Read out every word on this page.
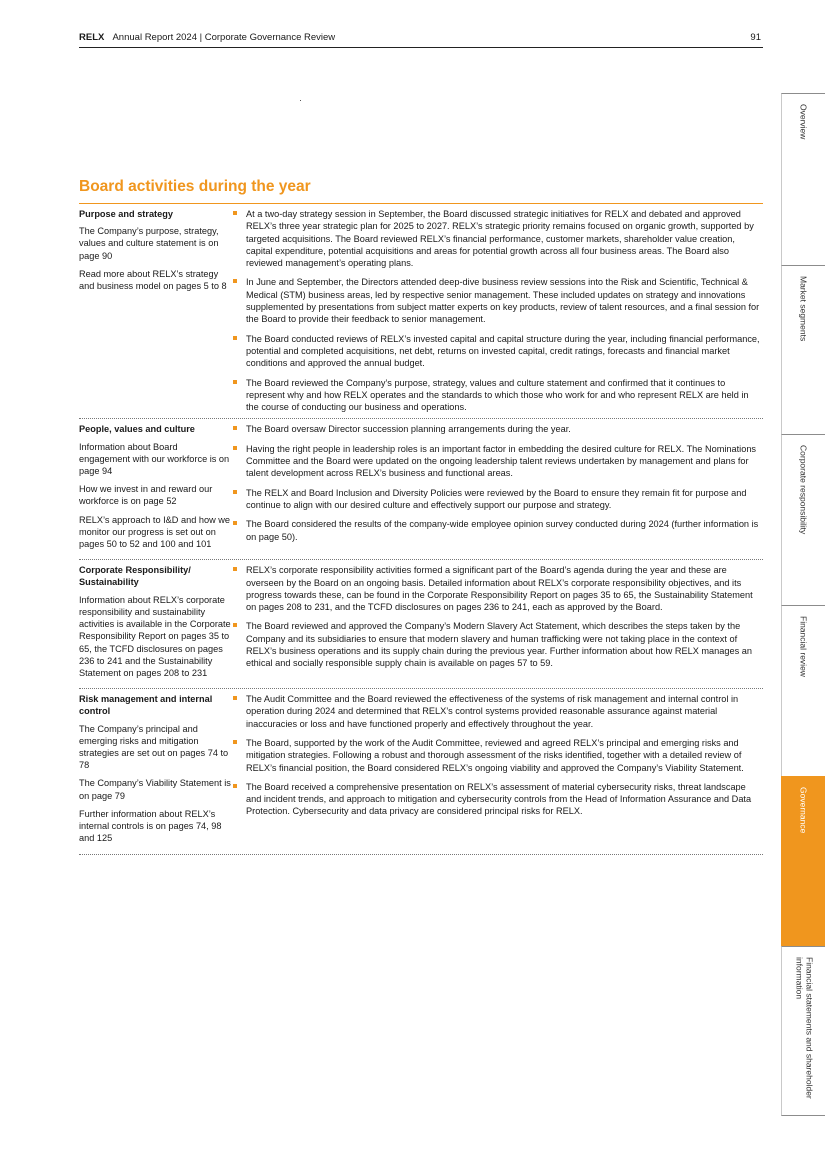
RELX Annual Report 2024 | Corporate Governance Review	91
Overview
Market segments
Corporate responsibility
Financial review
Governance
Financial statements and shareholder information
Board activities during the year
Purpose and strategy

The Company’s purpose, strategy, values and culture statement is on page 90

Read more about RELX’s strategy and business model on pages 5 to 8

At a two-day strategy session in September, the Board discussed strategic initiatives for RELX and debated and approved RELX’s three year strategic plan for 2025 to 2027. RELX’s strategic priority remains focused on organic growth, supported by targeted acquisitions. The Board reviewed RELX’s financial performance, customer markets, shareholder value creation, capital expenditure, potential acquisitions and areas for potential growth across all four business areas. The Board also reviewed management’s operating plans.

In June and September, the Directors attended deep-dive business review sessions into the Risk and Scientific, Technical & Medical (STM) business areas, led by respective senior management. These included updates on strategy and innovations supplemented by presentations from subject matter experts on key products, review of talent resources, and a final session for the Board to provide their feedback to senior management.

The Board conducted reviews of RELX’s invested capital and capital structure during the year, including financial performance, potential and completed acquisitions, net debt, returns on invested capital, credit ratings, forecasts and financial market conditions and approved the annual budget.

The Board reviewed the Company’s purpose, strategy, values and culture statement and confirmed that it continues to represent why and how RELX operates and the standards to which those who work for and who represent RELX are held in the course of conducting our business and operations.

People, values and culture

Information about Board engagement with our workforce is on page 94

How we invest in and reward our workforce is on page 52

RELX’s approach to I&D and how we monitor our progress is set out on pages 50 to 52 and 100 and 101

The Board oversaw Director succession planning arrangements during the year.

Having the right people in leadership roles is an important factor in embedding the desired culture for RELX. The Nominations Committee and the Board were updated on the ongoing leadership talent reviews undertaken by management and plans for talent development across RELX’s business and functional areas.

The RELX and Board Inclusion and Diversity Policies were reviewed by the Board to ensure they remain fit for purpose and continue to align with our desired culture and effectively support our purpose and strategy.

The Board considered the results of the company-wide employee opinion survey conducted during 2024 (further information is on page 50).

Corporate Responsibility/ Sustainability

Information about RELX’s corporate responsibility and sustainability activities is available in the Corporate Responsibility Report on pages 35 to 65, the TCFD disclosures on pages 236 to 241 and the Sustainability Statement on pages 208 to 231

RELX’s corporate responsibility activities formed a significant part of the Board’s agenda during the year and these are overseen by the Board on an ongoing basis. Detailed information about RELX’s corporate responsibility objectives, and its progress towards these, can be found in the Corporate Responsibility Report on pages 35 to 65, the Sustainability Statement on pages 208 to 231, and the TCFD disclosures on pages 236 to 241, each as approved by the Board.

The Board reviewed and approved the Company’s Modern Slavery Act Statement, which describes the steps taken by the Company and its subsidiaries to ensure that modern slavery and human trafficking were not taking place in the context of RELX’s business operations and its supply chain during the previous year. Further information about how RELX manages an ethical and socially responsible supply chain is available on pages 57 to 59.

Risk management and internal control

The Company’s principal and emerging risks and mitigation strategies are set out on pages 74 to 78

The Company’s Viability Statement is on page 79

Further information about RELX’s internal controls is on pages 74, 98 and 125

The Audit Committee and the Board reviewed the effectiveness of the systems of risk management and internal control in operation during 2024 and determined that RELX’s control systems provided reasonable assurance against material inaccuracies or loss and have functioned properly and effectively throughout the year.

The Board, supported by the work of the Audit Committee, reviewed and agreed RELX’s principal and emerging risks and mitigation strategies. Following a robust and thorough assessment of the risks identified, together with a detailed review of RELX’s financial position, the Board considered RELX’s ongoing viability and approved the Company’s Viability Statement.

The Board received a comprehensive presentation on RELX’s assessment of material cybersecurity risks, threat landscape and incident trends, and approach to mitigation and cybersecurity controls from the Head of Information Assurance and Data Protection. Cybersecurity and data privacy are considered principal risks for RELX.
